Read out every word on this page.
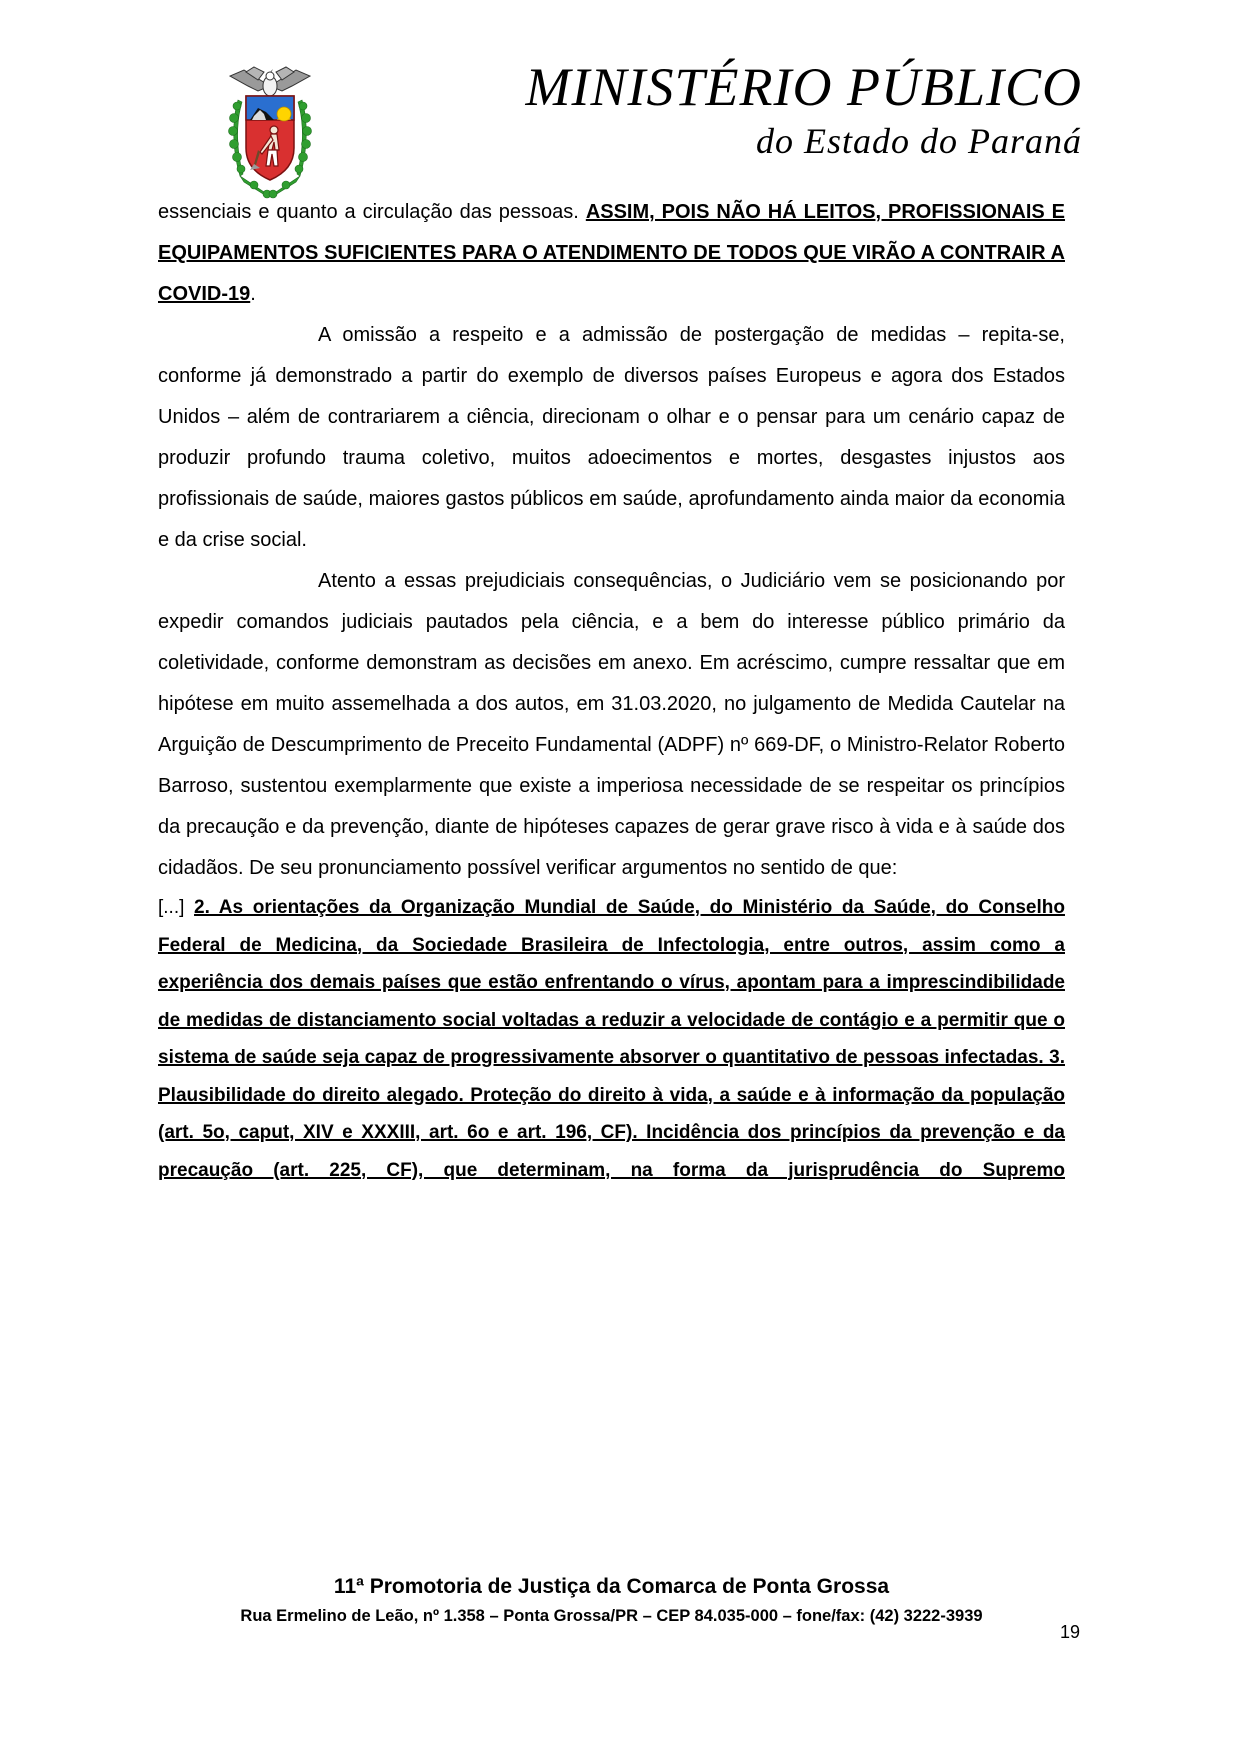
MINISTÉRIO PÚBLICO
do Estado do Paraná

essenciais e quanto a circulação das pessoas. ASSIM, POIS NÃO HÁ LEITOS, PROFISSIONAIS E EQUIPAMENTOS SUFICIENTES PARA O ATENDIMENTO DE TODOS QUE VIRÃO A CONTRAIR A COVID-19.

A omissão a respeito e a admissão de postergação de medidas – repita-se, conforme já demonstrado a partir do exemplo de diversos países Europeus e agora dos Estados Unidos – além de contrariarem a ciência, direcionam o olhar e o pensar para um cenário capaz de produzir profundo trauma coletivo, muitos adoecimentos e mortes, desgastes injustos aos profissionais de saúde, maiores gastos públicos em saúde, aprofundamento ainda maior da economia e da crise social.

Atento a essas prejudiciais consequências, o Judiciário vem se posicionando por expedir comandos judiciais pautados pela ciência, e a bem do interesse público primário da coletividade, conforme demonstram as decisões em anexo. Em acréscimo, cumpre ressaltar que em hipótese em muito assemelhada a dos autos, em 31.03.2020, no julgamento de Medida Cautelar na Arguição de Descumprimento de Preceito Fundamental (ADPF) nº 669-DF, o Ministro-Relator Roberto Barroso, sustentou exemplarmente que existe a imperiosa necessidade de se respeitar os princípios da precaução e da prevenção, diante de hipóteses capazes de gerar grave risco à vida e à saúde dos cidadãos. De seu pronunciamento possível verificar argumentos no sentido de que:

[...] 2. As orientações da Organização Mundial de Saúde, do Ministério da Saúde, do Conselho Federal de Medicina, da Sociedade Brasileira de Infectologia, entre outros, assim como a experiência dos demais países que estão enfrentando o vírus, apontam para a imprescindibilidade de medidas de distanciamento social voltadas a reduzir a velocidade de contágio e a permitir que o sistema de saúde seja capaz de progressivamente absorver o quantitativo de pessoas infectadas. 3. Plausibilidade do direito alegado. Proteção do direito à vida, a saúde e à informação da população (art. 5o, caput, XIV e XXXIII, art. 6o e art. 196, CF). Incidência dos princípios da prevenção e da precaução (art. 225, CF), que determinam, na forma da jurisprudência do Supremo

11ª Promotoria de Justiça da Comarca de Ponta Grossa
Rua Ermelino de Leão, nº 1.358 – Ponta Grossa/PR – CEP 84.035-000 – fone/fax: (42) 3222-3939
19
